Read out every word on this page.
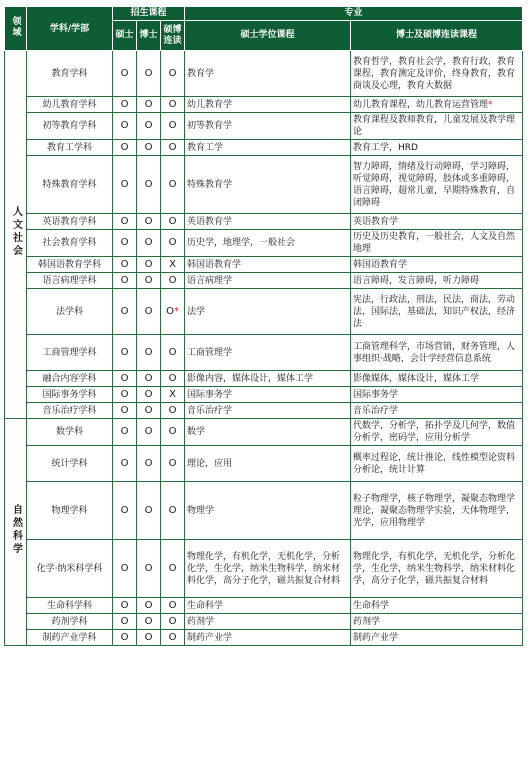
领域	学科/学部	招生课程			专业	
		硕士	博士	硕博连读	硕士学位课程	博士及硕博连读课程
人文社会	教育学科	O	O	O	教育学	教育哲学，教育社会学，教育行政，教育课程，教育测定及评价，终身教育，教育商谈及心理，教育大数据
	幼儿教育学科	O	O	O	幼儿教育学	幼儿教育课程，幼儿教育运营管理*
	初等教育学科	O	O	O	初等教育学	教育课程及教师教育，儿童发展及教学理论
	教育工学科	O	O	O	教育工学	教育工学，HRD
	特殊教育学科	O	O	O	特殊教育学	智力障碍，情绪及行动障碍，学习障碍，听觉障碍，视觉障碍，肢体或多重障碍，语言障碍，超常儿童，早期特殊教育，自闭障碍
	英语教育学科	O	O	O	英语教育学	英语教育学
	社会教育学科	O	O	O	历史学，地理学，一般社会	历史及历史教育，一般社会，人文及自然地理
	韩国语教育学科	O	O	X	韩国语教育学	韩国语教育学
	语言病理学科	O	O	O	语言病理学	语言障碍，发言障碍，听力障碍
	法学科	O	O	O*	法学	宪法，行政法，刑法，民法，商法，劳动法，国际法，基础法，知识产权法，经济法
	工商管理学科	O	O	O	工商管理学	工商管理科学，市场营销，财务管理，人事组织·战略，会计学经营信息系统
	融合内容学科	O	O	O	影像内容，媒体设计，媒体工学	影像媒体，媒体设计，媒体工学
	国际事务学科	O	O	X	国际事务学	国际事务学
	音乐治疗学科	O	O	O	音乐治疗学	音乐治疗学
自然科学	数学科	O	O	O	数学	代数学，分析学，拓扑学及几何学，数值分析学，密码学，应用分析学
	统计学科	O	O	O	理论，应用	概率过程论，统计推论，线性模型论资料分析论，统计计算
	物理学科	O	O	O	物理学	粒子物理学，核子物理学，凝聚态物理学理论，凝聚态物理学实验，天体物理学，光学，应用物理学
	化学·纳米科学科	O	O	O	物理化学，有机化学，无机化学，分析化学，生化学，纳米生物科学，纳米材料化学，高分子化学，磁共振复合材料	物理化学，有机化学，无机化学，分析化学，生化学，纳米生物科学，纳米材料化学，高分子化学，磁共振复合材料
	生命科学科	O	O	O	生命科学	生命科学
	药剂学科	O	O	O	药剂学	药剂学
	制药产业学科	O	O	O	制药产业学	制药产业学
